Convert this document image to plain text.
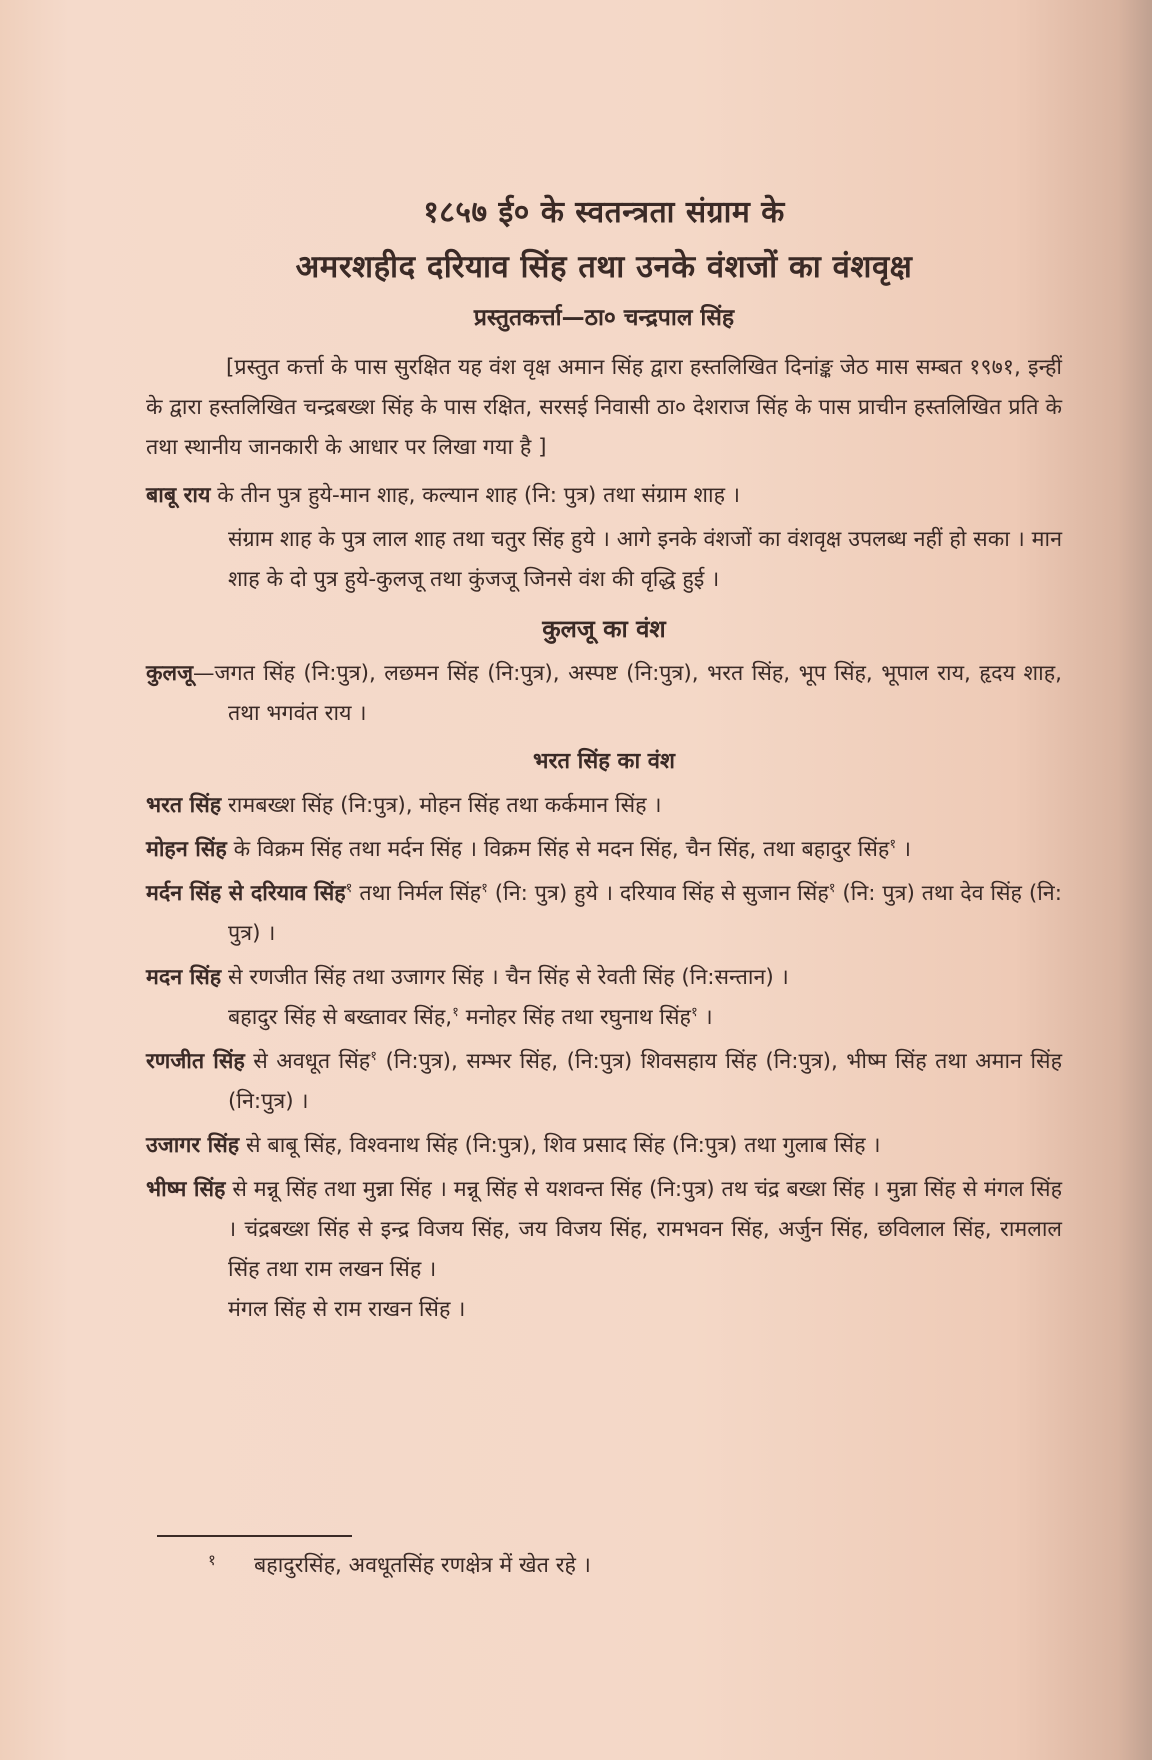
१८५७ ई० के स्वतन्त्रता संग्राम के
अमरशहीद दरियाव सिंह तथा उनके वंशजों का वंशवृक्ष
प्रस्तुतकर्त्ता—ठा० चन्द्रपाल सिंह

[प्रस्तुत कर्त्ता के पास सुरक्षित यह वंश वृक्ष अमान सिंह द्वारा हस्तलिखित दिनांङ्क जेठ मास सम्बत १९७१, इन्हीं के द्वारा हस्तलिखित चन्द्रबख्श सिंह के पास रक्षित, सरसई निवासी ठा० देशराज सिंह के पास प्राचीन हस्तलिखित प्रति के तथा स्थानीय जानकारी के आधार पर लिखा गया है ]

बाबू राय के तीन पुत्र हुये-मान शाह, कल्यान शाह (नि: पुत्र) तथा संग्राम शाह ।

संग्राम शाह के पुत्र लाल शाह तथा चतुर सिंह हुये । आगे इनके वंशजों का वंशवृक्ष उपलब्ध नहीं हो सका । मान शाह के दो पुत्र हुये-कुलजू तथा कुंजजू जिनसे वंश की वृद्धि हुई ।

कुलजू का वंश

कुलजू—जगत सिंह (नि:पुत्र), लछमन सिंह (नि:पुत्र), अस्पष्ट (नि:पुत्र), भरत सिंह, भूप सिंह, भूपाल राय, हृदय शाह, तथा भगवंत राय ।

भरत सिंह का वंश

भरत सिंह रामबख्श सिंह (नि:पुत्र), मोहन सिंह तथा कर्कमान सिंह ।

मोहन सिंह के विक्रम सिंह तथा मर्दन सिंह । विक्रम सिंह से मदन सिंह, चैन सिंह, तथा बहादुर सिंह$^१$ ।

मर्दन सिंह से दरियाव सिंह$^१$ तथा निर्मल सिंह$^१$ (नि: पुत्र) हुये । दरियाव सिंह से सुजान सिंह$^१$ (नि: पुत्र) तथा देव सिंह (नि: पुत्र) ।

मदन सिंह से रणजीत सिंह तथा उजागर सिंह । चैन सिंह से रेवती सिंह (नि:सन्तान) ।
बहादुर सिंह से बख्तावर सिंह,$^१$ मनोहर सिंह तथा रघुनाथ सिंह$^१$ ।

रणजीत सिंह से अवधूत सिंह$^१$ (नि:पुत्र), सम्भर सिंह, (नि:पुत्र) शिवसहाय सिंह (नि:पुत्र), भीष्म सिंह तथा अमान सिंह (नि:पुत्र) ।

उजागर सिंह से बाबू सिंह, विश्वनाथ सिंह (नि:पुत्र), शिव प्रसाद सिंह (नि:पुत्र) तथा गुलाब सिंह ।

भीष्म सिंह से मन्नू सिंह तथा मुन्ना सिंह । मन्नू सिंह से यशवन्त सिंह (नि:पुत्र) तथ चंद्र बख्श सिंह । मुन्ना सिंह से मंगल सिंह । चंद्रबख्श सिंह से इन्द्र विजय सिंह, जय विजय सिंह, रामभवन सिंह, अर्जुन सिंह, छविलाल सिंह, रामलाल सिंह तथा राम लखन सिंह ।
मंगल सिंह से राम राखन सिंह ।

१ बहादुरसिंह, अवधूतसिंह रणक्षेत्र में खेत रहे ।
